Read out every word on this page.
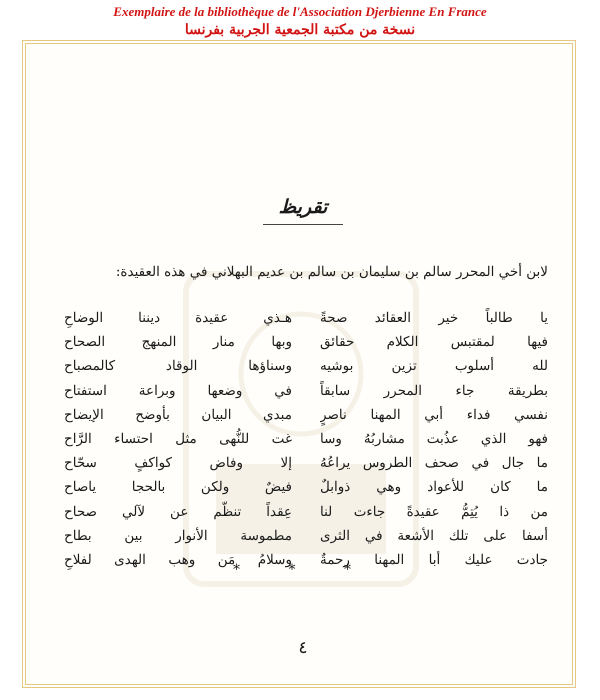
Exemplaire de la bibliothèque de l'Association Djerbienne En France
نسخة من مكتبة الجمعية الجربية بفرنسا
تقريظ
لابن أخي المحرر سالم بن سليمان بن سالم بن عديم البهلاني في هذه العقيدة:
يا طالباً خير العقائد صحةً
هـذي عقيدة ديننا الوضاحِ
فيها لمقتبس الكلام حقائق
وبها منار المنهج الصحاح
لله أسلوب تزين بوشيه
وسناؤها الوقاد كالمصباح
بطريقة جاء المحرر سابقاً
في وضعها وبراعة استفتاح
نفسي فداء أبي المهنا ناصرٍ
مبدي البيان بأوضح الإيضاح
فهو الذي عذُبت مشاربُهُ وسا
غت للنُّهى مثل احتساء الرَّاح
ما جال في صحف الطروس يراعُهُ
إلا وفاض كواكفٍ سحّاح
ما كان للأعواد وهي ذوابلٌ
فيضٌ ولكن بالحجا ياصاح
من ذا يُتِمُّ عقيدةً جاءت لنا
عِقداً تنظّم عن لآلي صحاح
أسفا على تلك الأشعة في الثرى
مطموسة الأنوار بين بطاح
جادت عليك أبا المهنا رحمةٌ
وسلامُ مَن وهب الهدى لفلاحِ
* * *
٤
